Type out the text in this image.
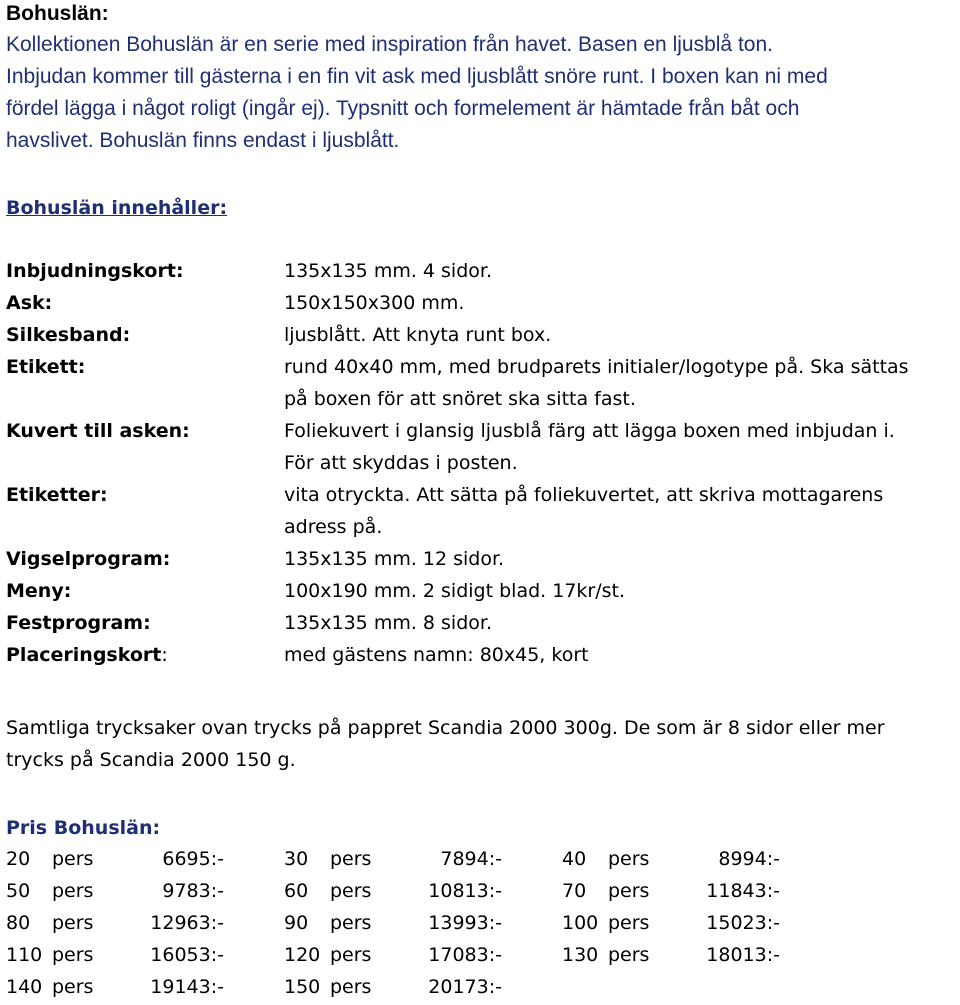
Bohuslän:
Kollektionen Bohuslän är en serie med inspiration från havet. Basen en ljusblå ton.
Inbjudan kommer till gästerna i en fin vit ask med ljusblått snöre runt. I boxen kan ni med
fördel lägga i något roligt (ingår ej). Typsnitt och formelement är hämtade från båt och
havslivet. Bohuslän finns endast i ljusblått.
Bohuslän innehåller:
Inbjudningskort:	135x135 mm. 4 sidor.
Ask:	150x150x300 mm.
Silkesband:	ljusblått. Att knyta runt box.
Etikett:	rund 40x40 mm, med brudparets initialer/logotype på. Ska sättas
på boxen för att snöret ska sitta fast.
Kuvert till asken:	Foliekuvert i glansig ljusblå färg att lägga boxen med inbjudan i.
För att skyddas i posten.
Etiketter:	vita otryckta. Att sätta på foliekuvertet, att skriva mottagarens
adress på.
Vigselprogram:	135x135 mm. 12 sidor.
Meny:	100x190 mm. 2 sidigt blad. 17kr/st.
Festprogram:	135x135 mm. 8 sidor.
Placeringskort:	med gästens namn: 80x45, kort
Samtliga trycksaker ovan trycks på pappret Scandia 2000 300g. De som är 8 sidor eller mer
trycks på Scandia 2000 150 g.
Pris Bohuslän:
20	pers	6695:-	30	pers	7894:-	40	pers	8994:-
50	pers	9783:-	60	pers	10813:-	70	pers	11843:-
80	pers	12963:-	90	pers	13993:-	100 pers	15023:-
110 pers	16053:-	120 pers	17083:-	130 pers	18013:-
140 pers	19143:-	150 pers	20173:-
